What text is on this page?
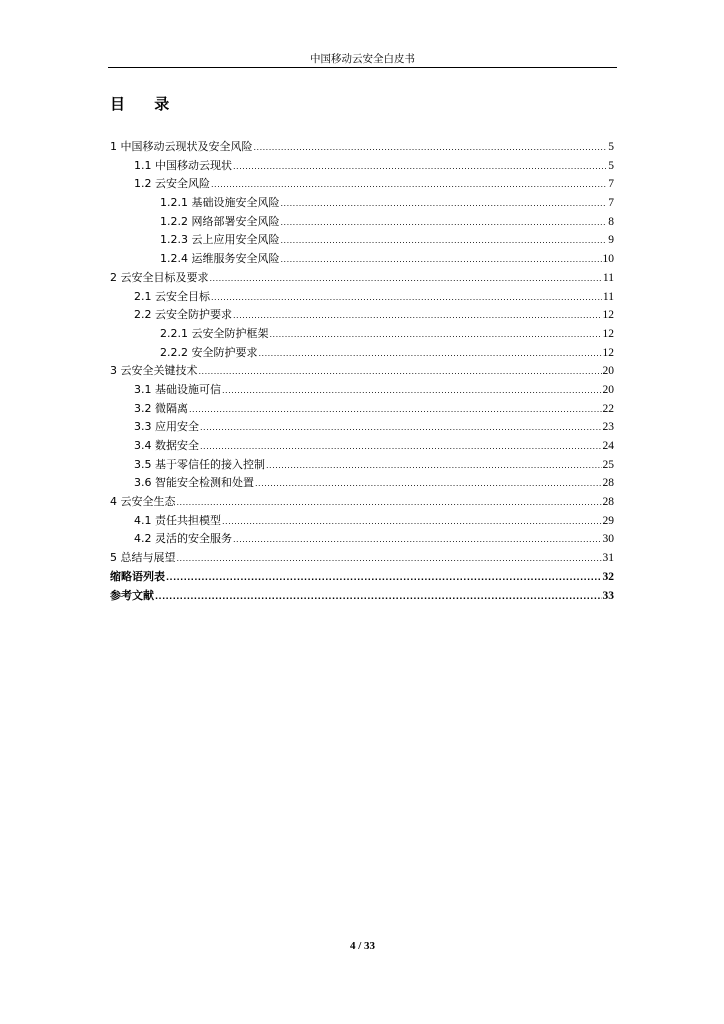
中国移动云安全白皮书
目 录
1 中国移动云现状及安全风险 .....	5
1.1 中国移动云现状 .....	5
1.2 云安全风险 .....	7
1.2.1 基础设施安全风险 .....	7
1.2.2 网络部署安全风险 .....	8
1.2.3 云上应用安全风险 .....	9
1.2.4 运维服务安全风险 .....	10
2 云安全目标及要求 .....	11
2.1 云安全目标 .....	11
2.2 云安全防护要求 .....	12
2.2.1 云安全防护框架 .....	12
2.2.2 安全防护要求 .....	12
3 云安全关键技术 .....	20
3.1 基础设施可信 .....	20
3.2 微隔离 .....	22
3.3 应用安全 .....	23
3.4 数据安全 .....	24
3.5 基于零信任的接入控制 .....	25
3.6 智能安全检测和处置 .....	28
4 云安全生态 .....	28
4.1 责任共担模型 .....	29
4.2 灵活的安全服务 .....	30
5 总结与展望 .....	31
缩略语列表 .....	32
参考文献 .....	33
4 / 33
